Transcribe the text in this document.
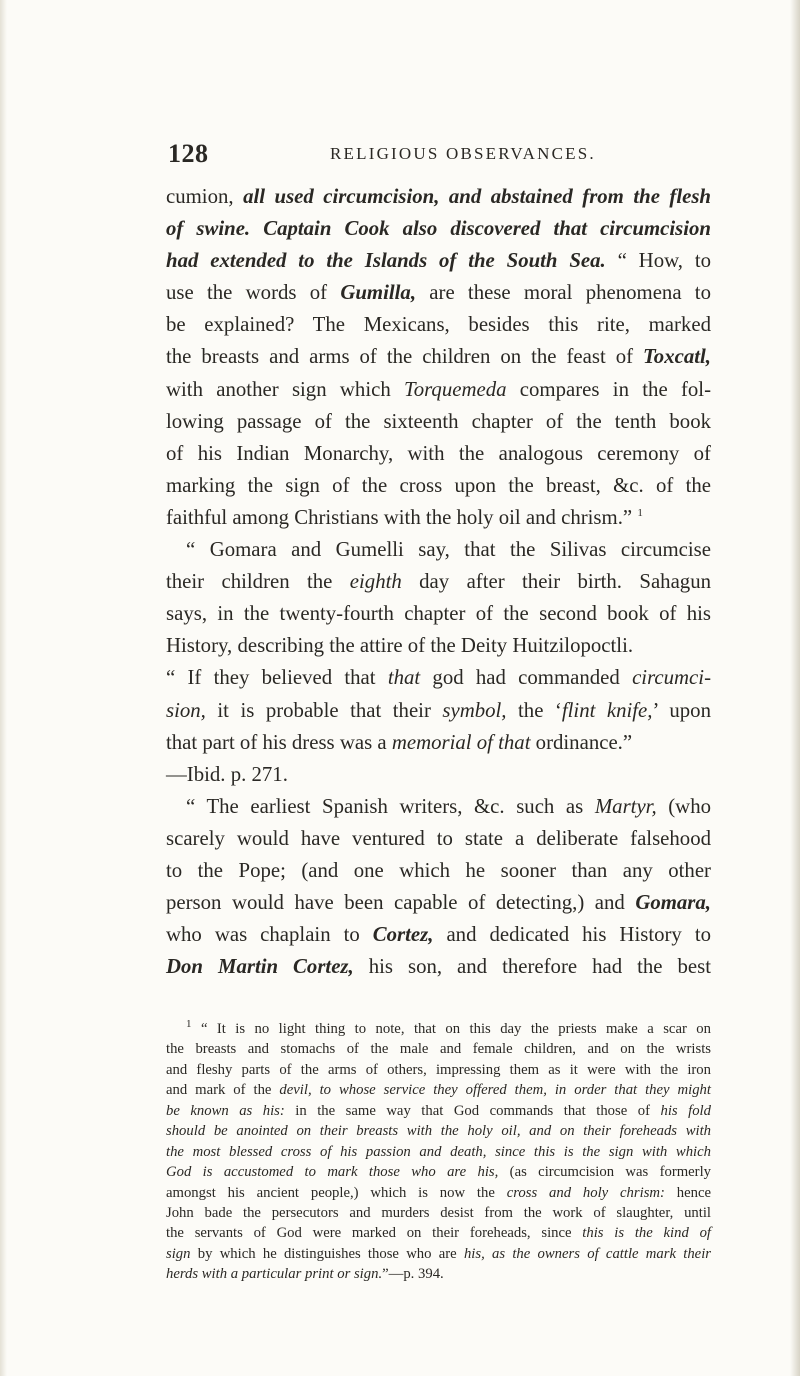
128	RELIGIOUS OBSERVANCES.
cumion, all used circumcision, and abstained from the flesh
of swine. Captain Cook also discovered that circumcision
had extended to the Islands of the South Sea. “ How, to
use the words of Gumilla, are these moral phenomena to
be explained? The Mexicans, besides this rite, marked
the breasts and arms of the children on the feast of Toxcatl,
with another sign which Torquemeda compares in the fol-
lowing passage of the sixteenth chapter of the tenth book
of his Indian Monarchy, with the analogous ceremony of
marking the sign of the cross upon the breast, &c. of the
faithful among Christians with the holy oil and chrism.” $^1$
“ Gomara and Gumelli say, that the Silivas circumcise
their children the eighth day after their birth. Sahagun
says, in the twenty-fourth chapter of the second book of his
History, describing the attire of the Deity Huitzilopoctli.
“ If they believed that that god had commanded circumci-
sion, it is probable that their symbol, the ‘flint knife,’ upon
that part of his dress was a memorial of that ordinance.”
—Ibid. p. 271.
“ The earliest Spanish writers, &c. such as Martyr, (who
scarely would have ventured to state a deliberate falsehood
to the Pope; (and one which he sooner than any other
person would have been capable of detecting,) and Gomara,
who was chaplain to Cortez, and dedicated his History to
Don Martin Cortez, his son, and therefore had the best
$^1$ “ It is no light thing to note, that on this day the priests make a scar on
the breasts and stomachs of the male and female children, and on the wrists
and fleshy parts of the arms of others, impressing them as it were with the iron
and mark of the devil, to whose service they offered them, in order that they might
be known as his: in the same way that God commands that those of his fold
should be anointed on their breasts with the holy oil, and on their foreheads with
the most blessed cross of his passion and death, since this is the sign with which
God is accustomed to mark those who are his, (as circumcision was formerly
amongst his ancient people,) which is now the cross and holy chrism: hence
John bade the persecutors and murders desist from the work of slaughter, until
the servants of God were marked on their foreheads, since this is the kind of
sign by which he distinguishes those who are his, as the owners of cattle mark their
herds with a particular print or sign.”—p. 394.
